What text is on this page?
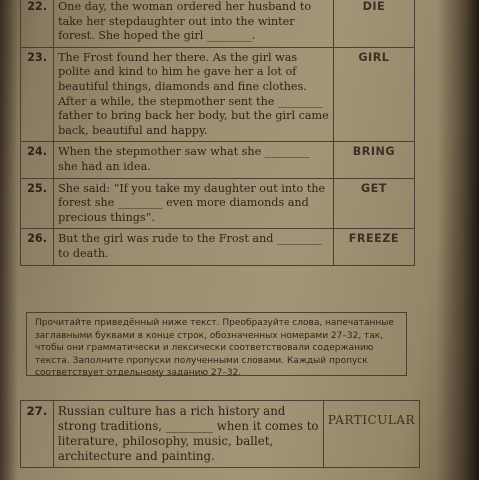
22.	One day, the woman ordered her husband to take her stepdaughter out into the winter forest. She hoped the girl ________.	DIE
23.	The Frost found her there. As the girl was polite and kind to him he gave her a lot of beautiful things, diamonds and fine clothes. After a while, the stepmother sent the ________ father to bring back her body, but the girl came back, beautiful and happy.	GIRL
24.	When the stepmother saw what she ________ she had an idea.	BRING
25.	She said: “If you take my daughter out into the forest she ________ even more diamonds and precious things”.	GET
26.	But the girl was rude to the Frost and ________ to death.	FREEZE
Прочитайте приведённый ниже текст. Преобразуйте слова, напечатанные заглавными буквами в конце строк, обозначенных номерами 27–32, так, чтобы они грамматически и лексически соответствовали содержанию текста. Заполните пропуски полученными словами. Каждый пропуск соответствует отдельному заданию 27–32.
27.	Russian culture has a rich history and strong traditions, ________ when it comes to literature, philosophy, music, ballet, architecture and painting.	PARTICULAR
